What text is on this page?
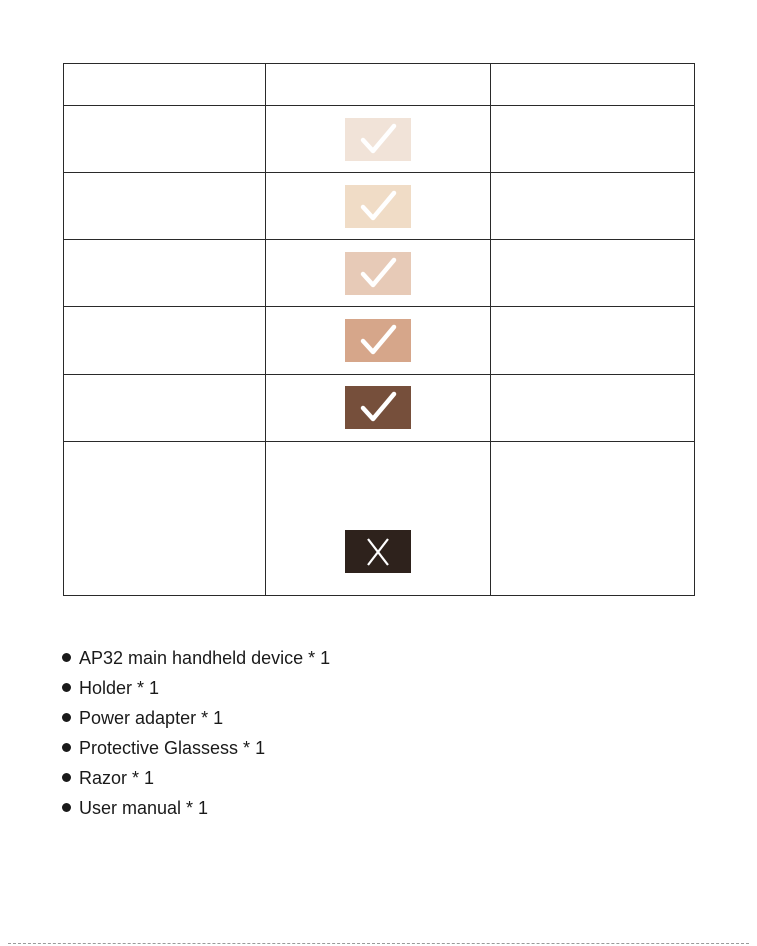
AP32 main handheld device * 1
Holder * 1
Power adapter * 1
Protective Glassess * 1
Razor * 1
User manual * 1
